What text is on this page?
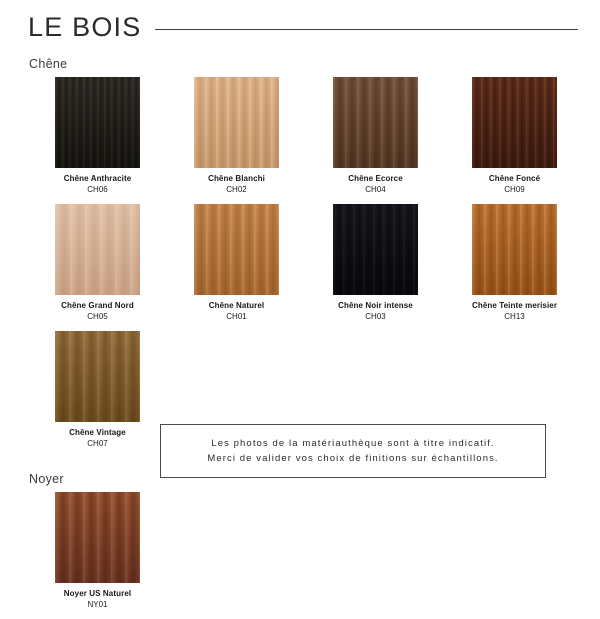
LE BOIS
Chêne
Chêne Anthracite
CH06
Chêne Blanchi
CH02
Chêne Ecorce
CH04
Chêne Foncé
CH09
Chêne Grand Nord
CH05
Chêne Naturel
CH01
Chêne Noir intense
CH03
Chêne Teinte merisier
CH13
Chêne Vintage
CH07
Noyer
Noyer US Naturel
NY01
Les photos de la matériauthèque sont à titre indicatif.
Merci de valider vos choix de finitions sur échantillons.
